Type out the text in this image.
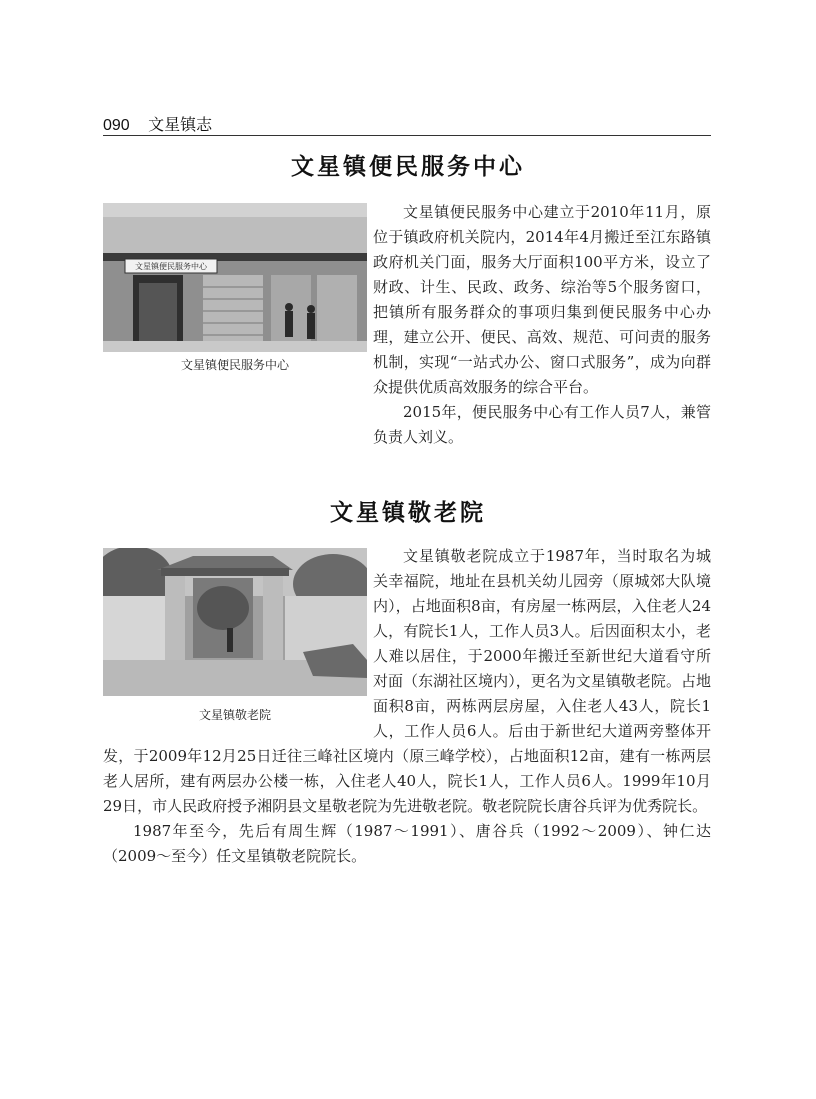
090 文星镇志
文星镇便民服务中心
文星镇便民服务中心
文星镇便民服务中心

文星镇便民服务中心建立于2010年11月，原位于镇政府机关院内，2014年4月搬迁至江东路镇政府机关门面，服务大厅面积100平方米，设立了财政、计生、民政、政务、综治等5个服务窗口，把镇所有服务群众的事项归集到便民服务中心办理，建立公开、便民、高效、规范、可问责的服务机制，实现“一站式办公、窗口式服务”，成为向群众提供优质高效服务的综合平台。

2015年，便民服务中心有工作人员7人，兼管负责人刘义。

文星镇敬老院
文星镇敬老院

文星镇敬老院成立于1987年，当时取名为城关幸福院，地址在县机关幼儿园旁（原城郊大队境内），占地面积8亩，有房屋一栋两层，入住老人24人，有院长1人，工作人员3人。后因面积太小，老人难以居住，于2000年搬迁至新世纪大道看守所对面（东湖社区境内），更名为文星镇敬老院。占地面积8亩，两栋两层房屋，入住老人43人，院长1人，工作人员6人。后由于新世纪大道两旁整体开发，于2009年12月25日迁往三峰社区境内（原三峰学校），占地面积12亩，建有一栋两层老人居所，建有两层办公楼一栋，入住老人40人，院长1人，工作人员6人。1999年10月29日，市人民政府授予湘阴县文星敬老院为先进敬老院。敬老院院长唐谷兵评为优秀院长。

1987年至今，先后有周生辉（1987～1991）、唐谷兵（1992～2009）、钟仁达（2009～至今）任文星镇敬老院院长。
